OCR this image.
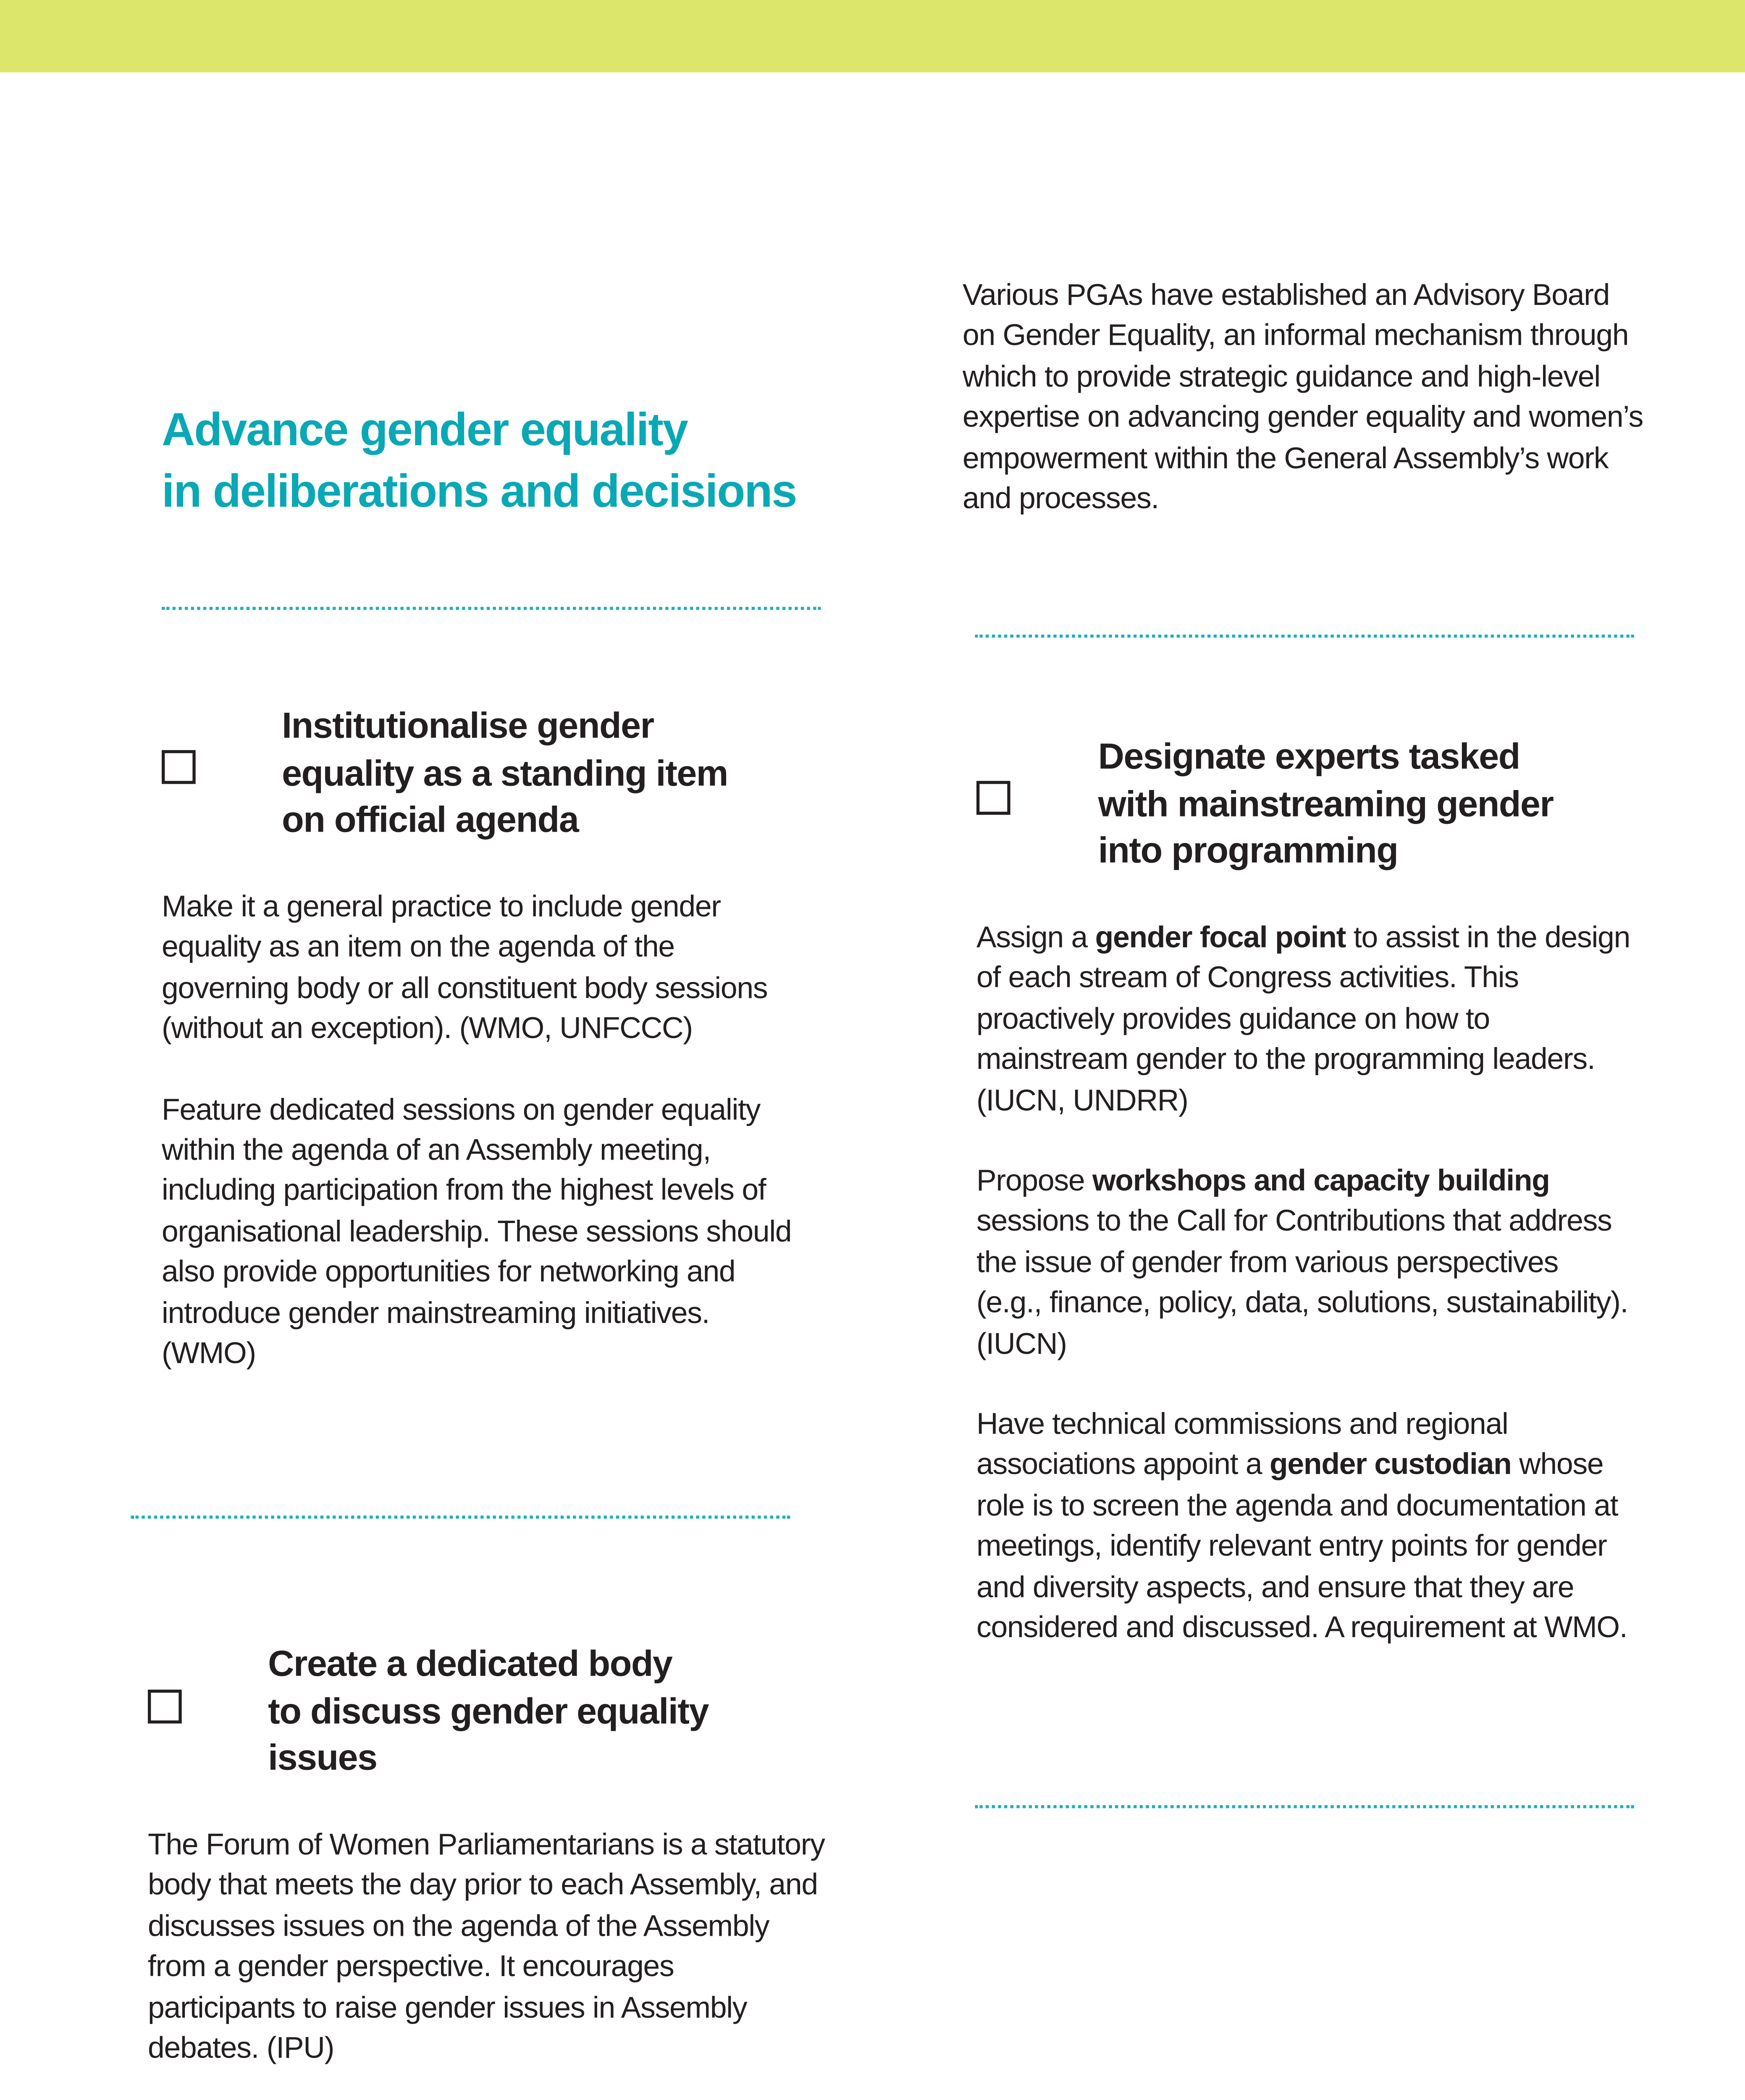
Advance gender equality
in deliberations and decisions

Various PGAs have established an Advisory Board on Gender Equality, an informal mechanism through which to provide strategic guidance and high-level expertise on advancing gender equality and women’s empowerment within the General Assembly’s work and processes.

Institutionalise gender
equality as a standing item
on official agenda

Make it a general practice to include gender equality as an item on the agenda of the governing body or all constituent body sessions (without an exception). (WMO, UNFCCC)

Feature dedicated sessions on gender equality within the agenda of an Assembly meeting, including participation from the highest levels of organisational leadership. These sessions should also provide opportunities for networking and introduce gender mainstreaming initiatives. (WMO)

Create a dedicated body
to discuss gender equality
issues

The Forum of Women Parliamentarians is a statutory body that meets the day prior to each Assembly, and discusses issues on the agenda of the Assembly from a gender perspective. It encourages participants to raise gender issues in Assembly debates. (IPU)

Designate experts tasked
with mainstreaming gender
into programming

Assign a gender focal point to assist in the design of each stream of Congress activities. This proactively provides guidance on how to mainstream gender to the programming leaders. (IUCN, UNDRR)

Propose workshops and capacity building sessions to the Call for Contributions that address the issue of gender from various perspectives (e.g., finance, policy, data, solutions, sustainability). (IUCN)

Have technical commissions and regional associations appoint a gender custodian whose role is to screen the agenda and documentation at meetings, identify relevant entry points for gender and diversity aspects, and ensure that they are considered and discussed. A requirement at WMO.
